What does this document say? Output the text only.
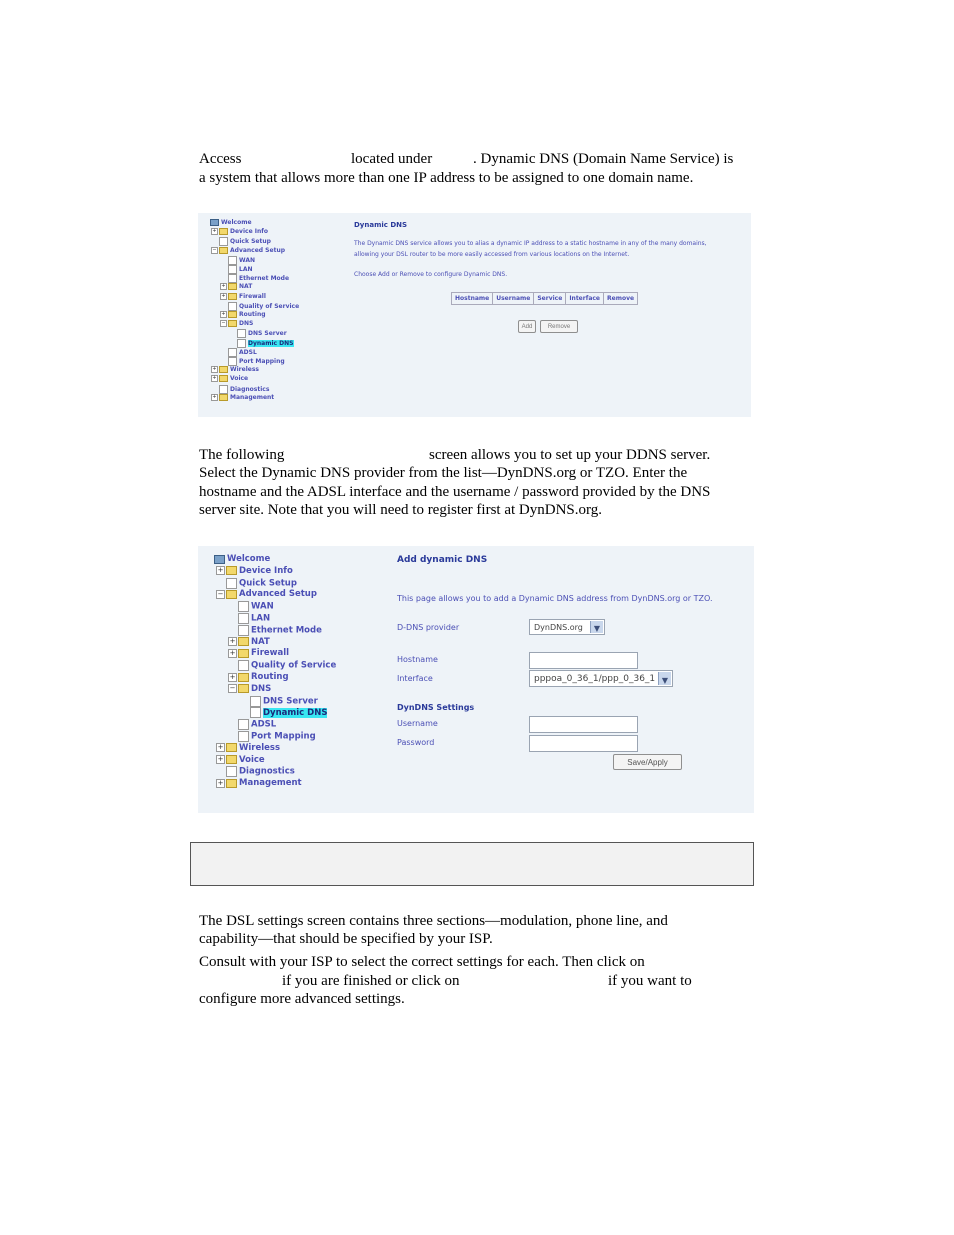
Access	located under	. Dynamic DNS (Domain Name Service) is
a system that allows more than one IP address to be assigned to one domain name.
Welcome
+ Device Info
Quick Setup
− Advanced Setup
WAN
LAN
Ethernet Mode
+ NAT
+ Firewall
Quality of Service
+ Routing
− DNS
DNS Server
Dynamic DNS
ADSL
Port Mapping
+ Wireless
+ Voice
Diagnostics
+ Management
Dynamic DNS
The Dynamic DNS service allows you to alias a dynamic IP address to a static hostname in any of the many domains,
allowing your DSL router to be more easily accessed from various locations on the Internet.
Choose Add or Remove to configure Dynamic DNS.
Hostname	Username	Service	Interface	Remove
Add	Remove
The following	screen allows you to set up your DDNS server.
Select the Dynamic DNS provider from the list—DynDNS.org or TZO. Enter the
hostname and the ADSL interface and the username / password provided by the DNS
server site. Note that you will need to register first at DynDNS.org.
Welcome
+ Device Info
Quick Setup
− Advanced Setup
WAN
LAN
Ethernet Mode
+ NAT
+ Firewall
Quality of Service
+ Routing
− DNS
DNS Server
Dynamic DNS
ADSL
Port Mapping
+ Wireless
+ Voice
Diagnostics
+ Management
Add dynamic DNS
This page allows you to add a Dynamic DNS address from DynDNS.org or TZO.
D-DNS provider	DynDNS.org	▼
Hostname
Interface	pppoa_0_36_1/ppp_0_36_1 ▼
DynDNS Settings
Username
Password
Save/Apply
The DSL settings screen contains three sections—modulation, phone line, and
capability—that should be specified by your ISP.
Consult with your ISP to select the correct settings for each. Then click on
if you are finished or click on	if you want to
configure more advanced settings.
